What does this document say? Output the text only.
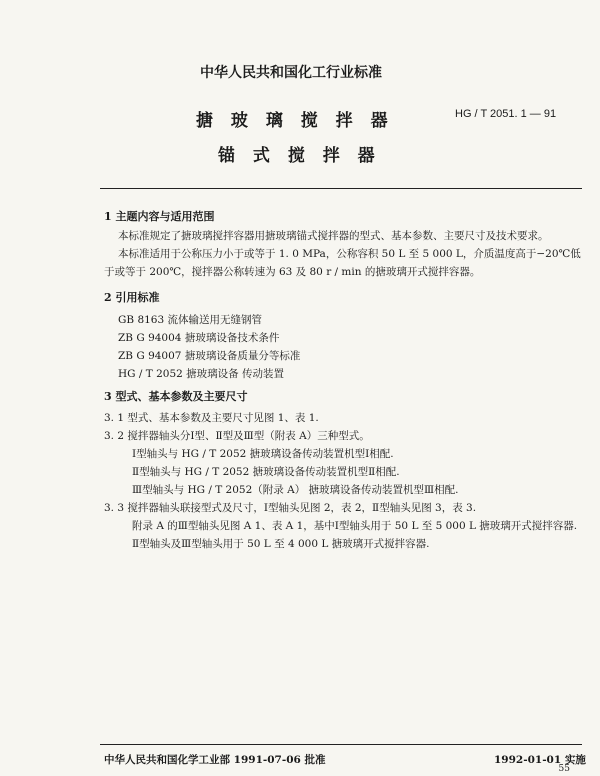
中华人民共和国化工行业标准
搪 玻 璃 搅 拌 器
锚 式 搅 拌 器
HG / T 2051. 1 — 91
1 主题内容与适用范围
本标准规定了搪玻璃搅拌容器用搪玻璃锚式搅拌器的型式、基本参数、主要尺寸及技术要求。
本标准适用于公称压力小于或等于 1. 0 MPa，公称容积 50 L 至 5 000 L，介质温度高于−20℃低
于或等于 200℃，搅拌器公称转速为 63 及 80 r / min 的搪玻璃开式搅拌容器。
2 引用标准
GB 8163 流体输送用无缝钢管
ZB G 94004 搪玻璃设备技术条件
ZB G 94007 搪玻璃设备质量分等标准
HG / T 2052 搪玻璃设备 传动装置
3 型式、基本参数及主要尺寸
3. 1 型式、基本参数及主要尺寸见图 1、表 1.
3. 2 搅拌器轴头分Ⅰ型、Ⅱ型及Ⅲ型（附表 A）三种型式。
Ⅰ型轴头与 HG / T 2052 搪玻璃设备传动装置机型Ⅰ相配.
Ⅱ型轴头与 HG / T 2052 搪玻璃设备传动装置机型Ⅱ相配.
Ⅲ型轴头与 HG / T 2052（附录 A） 搪玻璃设备传动装置机型Ⅲ相配.
3. 3 搅拌器轴头联接型式及尺寸，Ⅰ型轴头见图 2，表 2，Ⅱ型轴头见图 3，表 3.
附录 A 的Ⅲ型轴头见图 A 1、表 A 1，基中Ⅰ型轴头用于 50 L 至 5 000 L 搪玻璃开式搅拌容器.
Ⅱ型轴头及Ⅲ型轴头用于 50 L 至 4 000 L 搪玻璃开式搅拌容器.
中华人民共和国化学工业部 1991-07-06 批准	1992-01-01 实施
55
